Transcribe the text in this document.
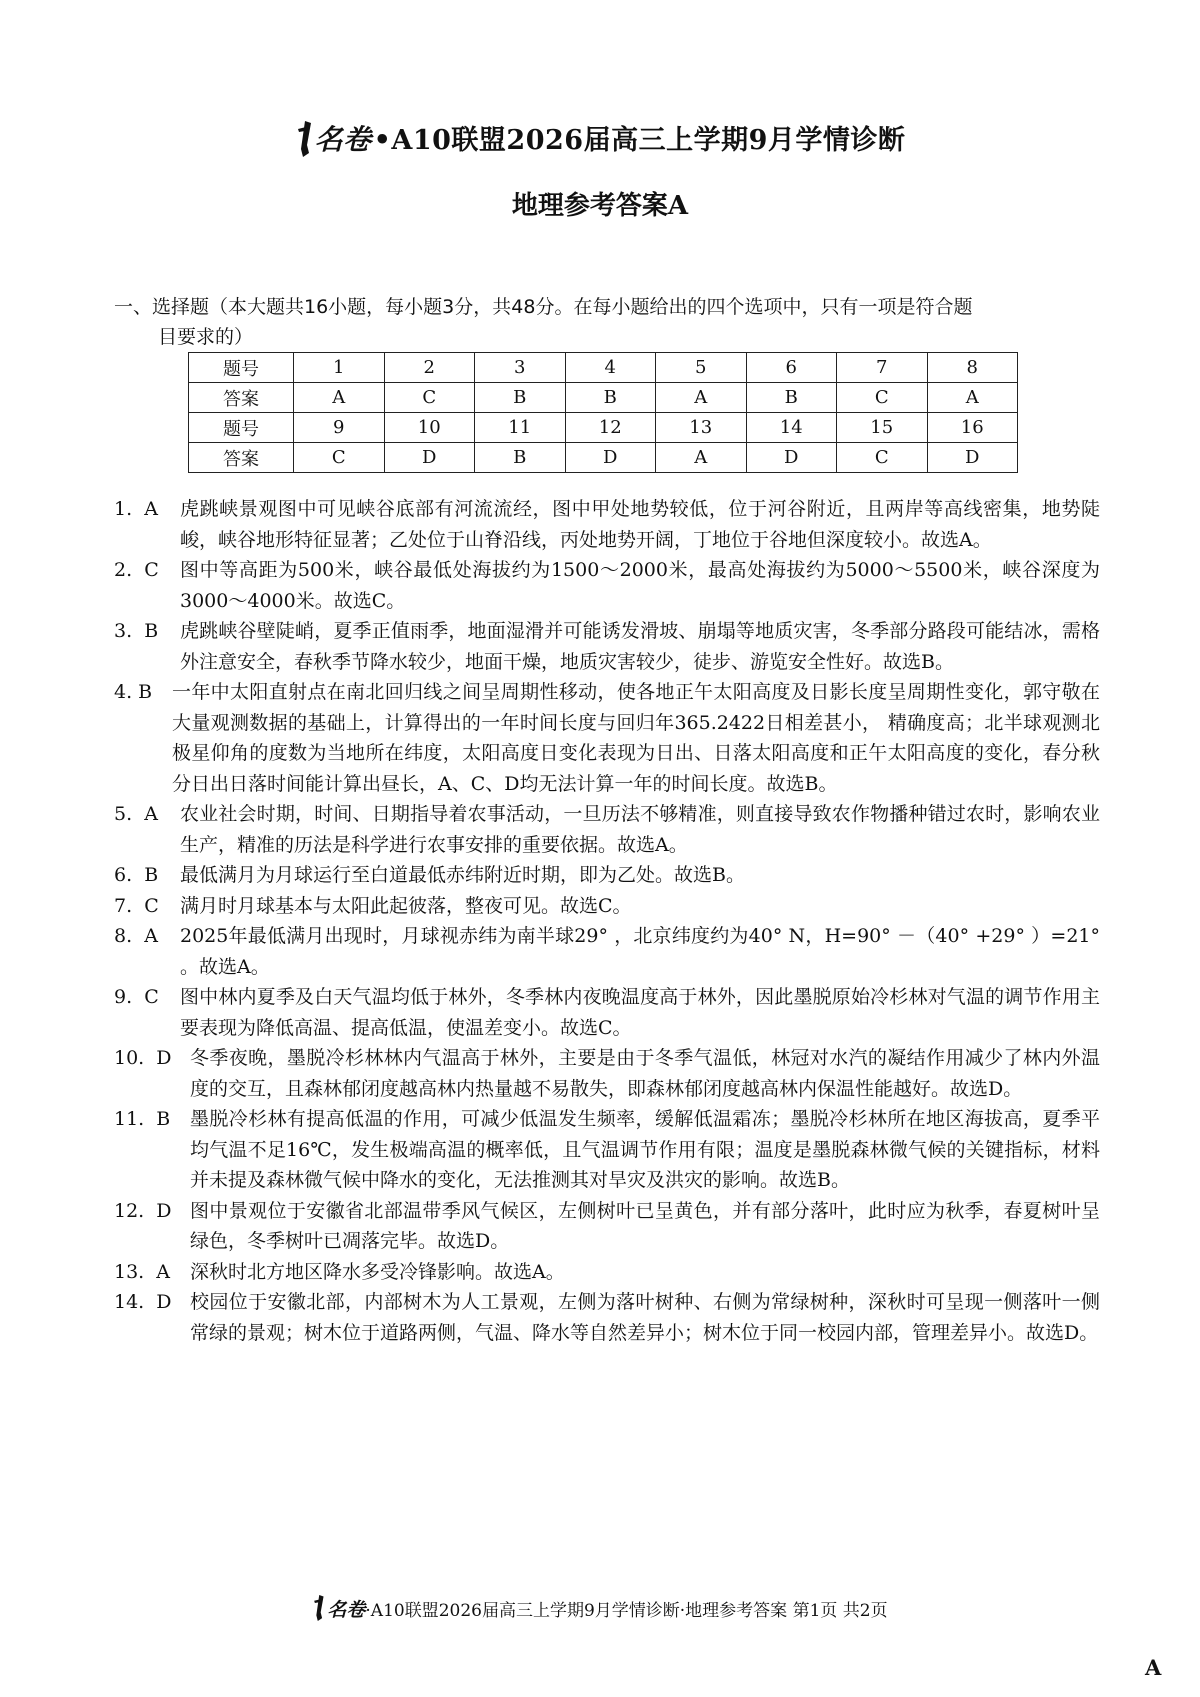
名卷•A10联盟2026届高三上学期9月学情诊断
地理参考答案A
一、选择题（本大题共16小题，每小题3分，共48分。在每小题给出的四个选项中，只有一项是符合题
目要求的）
题号	1	2	3	4	5	6	7	8
答案	A	C	B	B	A	B	C	A
题号	9	10	11	12	13	14	15	16
答案	C	D	B	D	A	D	C	D
1.  A	虎跳峡景观图中可见峡谷底部有河流流经，图中甲处地势较低，位于河谷附近，且两岸等高线密集，地势陡峻，峡谷地形特征显著；乙处位于山脊沿线，丙处地势开阔，丁地位于谷地但深度较小。故选A。
2.  C	图中等高距为500米，峡谷最低处海拔约为1500～2000米，最高处海拔约为5000～5500米，峡谷深度为3000～4000米。故选C。
3.  B	虎跳峡谷壁陡峭，夏季正值雨季，地面湿滑并可能诱发滑坡、崩塌等地质灾害，冬季部分路段可能结冰，需格外注意安全，春秋季节降水较少，地面干燥，地质灾害较少，徒步、游览安全性好。故选B。
4. B	一年中太阳直射点在南北回归线之间呈周期性移动，使各地正午太阳高度及日影长度呈周期性变化，郭守敬在大量观测数据的基础上，计算得出的一年时间长度与回归年365.2422日相差甚小， 精确度高；北半球观测北极星仰角的度数为当地所在纬度，太阳高度日变化表现为日出、日落太阳高度和正午太阳高度的变化，春分秋分日出日落时间能计算出昼长，A、C、D均无法计算一年的时间长度。故选B。
5.  A	农业社会时期，时间、日期指导着农事活动，一旦历法不够精准，则直接导致农作物播种错过农时，影响农业生产，精准的历法是科学进行农事安排的重要依据。故选A。
6.  B	最低满月为月球运行至白道最低赤纬附近时期，即为乙处。故选B。
7.  C	满月时月球基本与太阳此起彼落，整夜可见。故选C。
8.  A	2025年最低满月出现时，月球视赤纬为南半球29° ，北京纬度约为40° N，H=90° －（40° +29° ）=21° 。故选A。
9.  C	图中林内夏季及白天气温均低于林外，冬季林内夜晚温度高于林外，因此墨脱原始冷杉林对气温的调节作用主要表现为降低高温、提高低温，使温差变小。故选C。
10.  D 冬季夜晚，墨脱冷杉林林内气温高于林外，主要是由于冬季气温低，林冠对水汽的凝结作用减少了林内外温度的交互，且森林郁闭度越高林内热量越不易散失，即森林郁闭度越高林内保温性能越好。故选D。
11.  B	墨脱冷杉林有提高低温的作用，可减少低温发生频率，缓解低温霜冻；墨脱冷杉林所在地区海拔高，夏季平均气温不足16℃，发生极端高温的概率低，且气温调节作用有限；温度是墨脱森林微气候的关键指标，材料并未提及森林微气候中降水的变化，无法推测其对旱灾及洪灾的影响。故选B。
12.  D 图中景观位于安徽省北部温带季风气候区，左侧树叶已呈黄色，并有部分落叶，此时应为秋季，春夏树叶呈绿色，冬季树叶已凋落完毕。故选D。
13.  A	深秋时北方地区降水多受冷锋影响。故选A。
14.  D 校园位于安徽北部，内部树木为人工景观，左侧为落叶树种、右侧为常绿树种，深秋时可呈现一侧落叶一侧常绿的景观；树木位于道路两侧，气温、降水等自然差异小；树木位于同一校园内部，管理差异小。故选D。
名卷·A10联盟2026届高三上学期9月学情诊断·地理参考答案 第1页 共2页
A
